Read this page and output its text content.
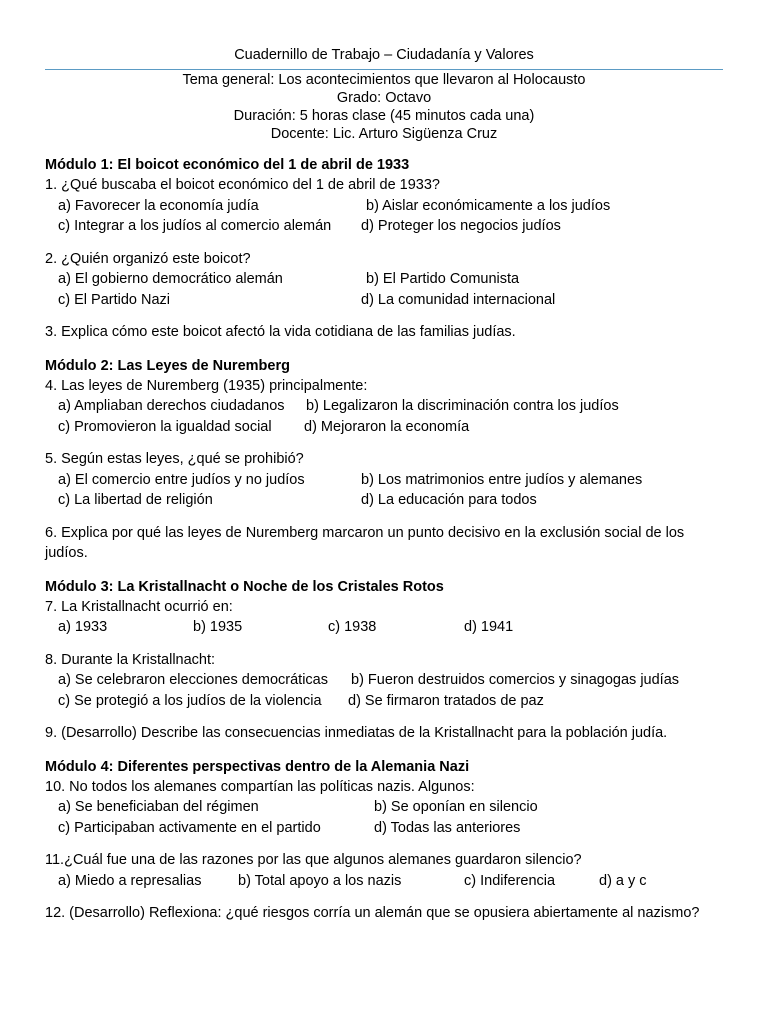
Cuadernillo de Trabajo – Ciudadanía y Valores
Tema general: Los acontecimientos que llevaron al Holocausto
Grado: Octavo
Duración: 5 horas clase (45 minutos cada una)
Docente: Lic. Arturo Sigüenza Cruz
Módulo 1: El boicot económico del 1 de abril de 1933
1. ¿Qué buscaba el boicot económico del 1 de abril de 1933?
a) Favorecer la economía judía	b) Aislar económicamente a los judíos
c) Integrar a los judíos al comercio alemán d) Proteger los negocios judíos
2. ¿Quién organizó este boicot?
a) El gobierno democrático alemán	b) El Partido Comunista
c) El Partido Nazi	d) La comunidad internacional
3. Explica cómo este boicot afectó la vida cotidiana de las familias judías.
Módulo 2: Las Leyes de Nuremberg
4. Las leyes de Nuremberg (1935) principalmente:
a) Ampliaban derechos ciudadanos b) Legalizaron la discriminación contra los judíos
c) Promovieron la igualdad social d) Mejoraron la economía
5. Según estas leyes, ¿qué se prohibió?
a) El comercio entre judíos y no judíos	b) Los matrimonios entre judíos y alemanes
c) La libertad de religión	d) La educación para todos
6. Explica por qué las leyes de Nuremberg marcaron un punto decisivo en la exclusión social de los judíos.
Módulo 3: La Kristallnacht o Noche de los Cristales Rotos
7. La Kristallnacht ocurrió en:
a) 1933	b) 1935	c) 1938	d) 1941
8. Durante la Kristallnacht:
a) Se celebraron elecciones democráticas b) Fueron destruidos comercios y sinagogas judías
c) Se protegió a los judíos de la violencia d) Se firmaron tratados de paz
9. (Desarrollo) Describe las consecuencias inmediatas de la Kristallnacht para la población judía.
Módulo 4: Diferentes perspectivas dentro de la Alemania Nazi
10. No todos los alemanes compartían las políticas nazis. Algunos:
a) Se beneficiaban del régimen	b) Se oponían en silencio
c) Participaban activamente en el partido	d) Todas las anteriores
11.¿Cuál fue una de las razones por las que algunos alemanes guardaron silencio?
a) Miedo a represalias	b) Total apoyo a los nazis	c) Indiferencia	d) a y c
12. (Desarrollo) Reflexiona: ¿qué riesgos corría un alemán que se opusiera abiertamente al nazismo?
